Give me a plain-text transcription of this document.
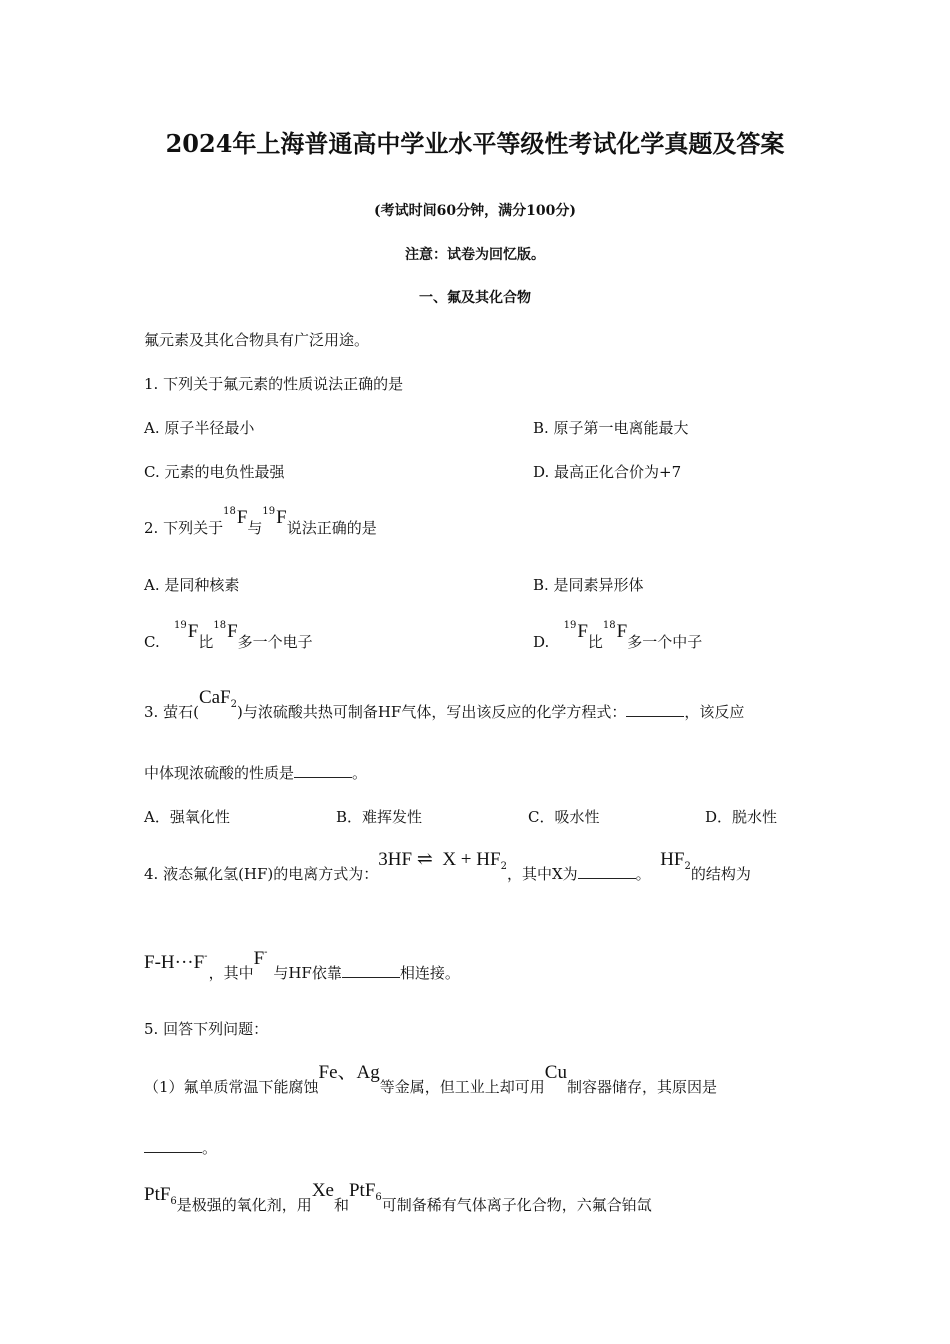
2024年上海普通高中学业水平等级性考试化学真题及答案
(考试时间60分钟，满分100分)
注意：试卷为回忆版。
一、氟及其化合物
氟元素及其化合物具有广泛用途。
1. 下列关于氟元素的性质说法正确的是
A. 原子半径最小	B. 原子第一电离能最大
C. 元素的电负性最强	D. 最高正化合价为+7
2. 下列关于$^{18}$F与$^{19}$F说法正确的是
A. 是同种核素	B. 是同素异形体
C.   $^{19}$F比$^{18}$F多一个电子	D.   $^{19}$F比$^{18}$F多一个中子
3. 萤石(CaF$_2$)与浓硫酸共热可制备HF气体，写出该反应的化学方程式：	，该反应
中体现浓硫酸的性质是	。
A．强氧化性	B．难挥发性	C．吸水性	D．脱水性
4. 液态氟化氢(HF)的电离方式为：3HF ⇌ $X + HF_2$，其中X为	。  $HF_2$的结构为
F-H···F-，其中F- 与HF依靠	相连接。
5. 回答下列问题：
（1）氟单质常温下能腐蚀Fe、Ag等金属，但工业上却可用Cu制容器储存，其原因是
。
PtF$_6$是极强的氧化剂，用Xe和PtF$_6$可制备稀有气体离子化合物，六氟合铂氙
